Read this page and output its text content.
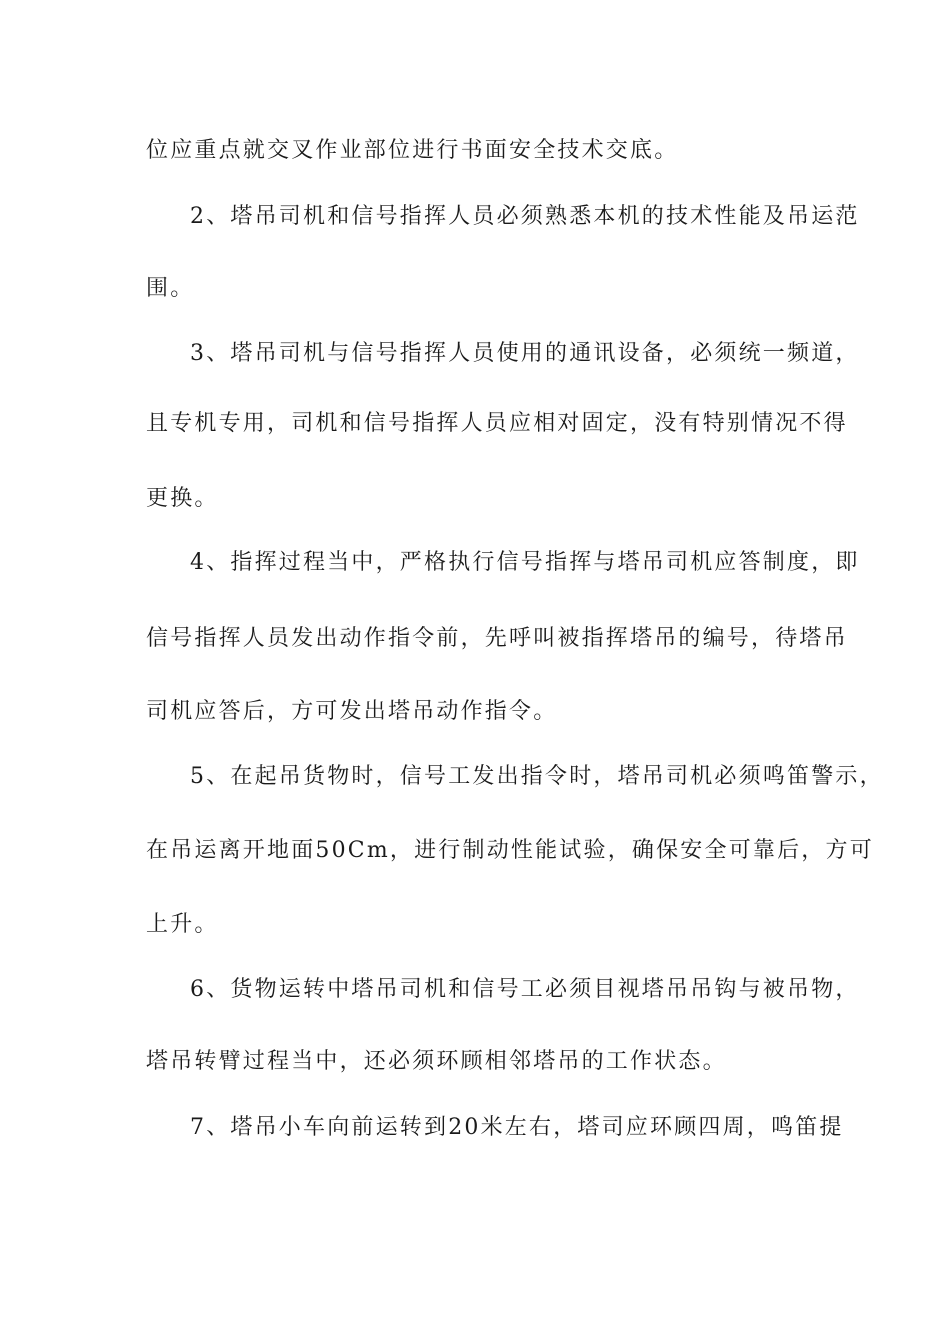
位应重点就交叉作业部位进行书面安全技术交底。
2、塔吊司机和信号指挥人员必须熟悉本机的技术性能及吊运范
围。
3、塔吊司机与信号指挥人员使用的通讯设备，必须统一频道，
且专机专用，司机和信号指挥人员应相对固定，没有特别情况不得
更换。
4、指挥过程当中，严格执行信号指挥与塔吊司机应答制度，即
信号指挥人员发出动作指令前，先呼叫被指挥塔吊的编号，待塔吊
司机应答后，方可发出塔吊动作指令。
5、在起吊货物时，信号工发出指令时，塔吊司机必须鸣笛警示，
在吊运离开地面50Cm，进行制动性能试验，确保安全可靠后，方可
上升。
6、货物运转中塔吊司机和信号工必须目视塔吊吊钩与被吊物，
塔吊转臂过程当中，还必须环顾相邻塔吊的工作状态。
7、塔吊小车向前运转到20米左右，塔司应环顾四周，鸣笛提
